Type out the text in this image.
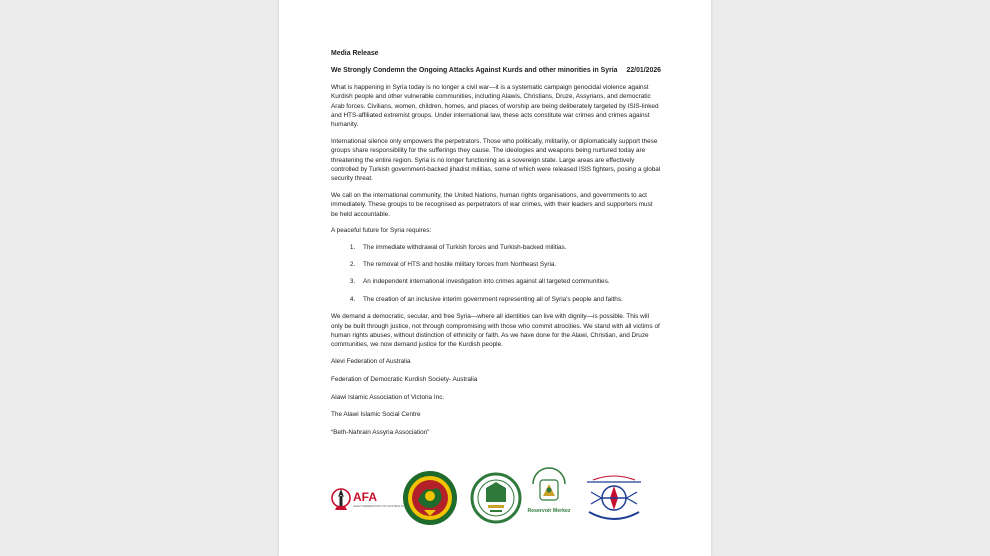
Media Release
We Strongly Condemn the Ongoing Attacks Against Kurds and other minorities in Syria 22/01/2026

What is happening in Syria today is no longer a civil war—it is a systematic campaign genocidal violence against Kurdish people and other vulnerable communities, including Alawis, Christians, Druze, Assyrians, and democratic Arab forces. Civilians, women, children, homes, and places of worship are being deliberately targeted by ISIS-linked and HTS-affiliated extremist groups. Under international law, these acts constitute war crimes and crimes against humanity.

International silence only empowers the perpetrators. Those who politically, militarily, or diplomatically support these groups share responsibility for the sufferings they cause. The ideologies and weapons being nurtured today are threatening the entire region. Syria is no longer functioning as a sovereign state. Large areas are effectively controlled by Turkish government-backed jihadist militias, some of which were released ISIS fighters, posing a global security threat.

We call on the international community, the United Nations, human rights organisations, and governments to act immediately. These groups to be recognised as perpetrators of war crimes, with their leaders and supporters must be held accountable.

A peaceful future for Syria requires:

1. The immediate withdrawal of Turkish forces and Turkish-backed militias.
2. The removal of HTS and hostile military forces from Northeast Syria.
3. An independent international investigation into crimes against all targeted communities.
4. The creation of an inclusive interim government representing all of Syria's people and faiths.

We demand a democratic, secular, and free Syria—where all identities can live with dignity—is possible. This will only be built through justice, not through compromising with those who commit atrocities. We stand with all victims of human rights abuses, without distinction of ethnicity or faith. As we have done for the Alawi, Christian, and Druze communities, we now demand justice for the Kurdish people.

Alevi Federation of Australia
Federation of Democratic Kurdish Society- Australia
Alawi Islamic Association of Victoria Inc.
The Alawi Islamic Social Centre
“Beth-Nahrain Assyria Association”
AFA
ALEVI FEDERATION OF AUSTRALIA
Reservoir Merkez
